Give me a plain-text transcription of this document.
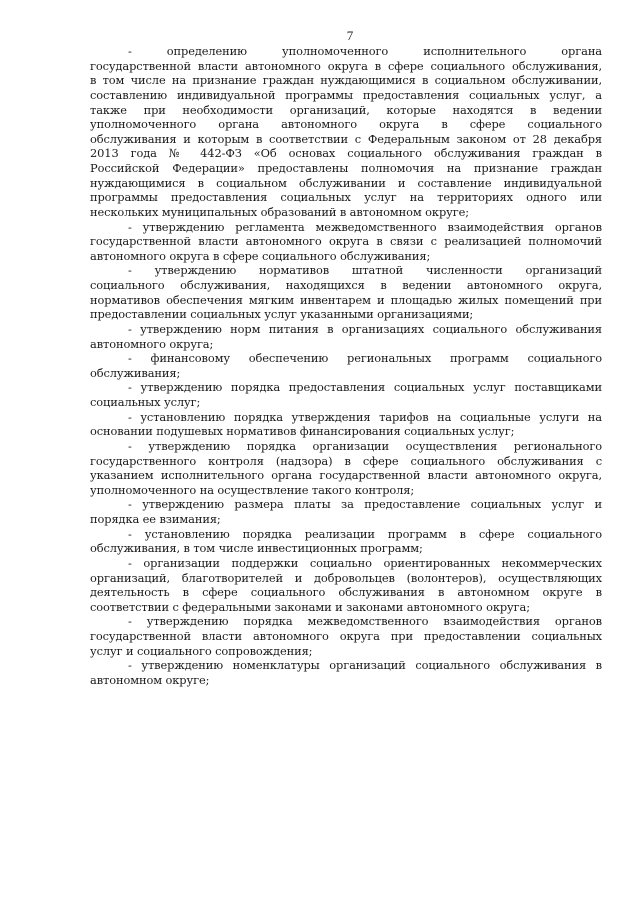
7
- определению уполномоченного исполнительного органа
государственной власти автономного округа в сфере социального обслуживания,
в том числе на признание граждан нуждающимися в социальном обслуживании,
составлению индивидуальной программы предоставления социальных услуг, а
также при необходимости организаций, которые находятся в ведении
уполномоченного органа автономного округа в сфере социального
обслуживания и которым в соответствии с Федеральным законом от 28 декабря
2013 года № 442-ФЗ «Об основах социального обслуживания граждан в
Российской Федерации» предоставлены полномочия на признание граждан
нуждающимися в социальном обслуживании и составление индивидуальной
программы предоставления социальных услуг на территориях одного или
нескольких муниципальных образований в автономном округе;
- утверждению регламента межведомственного взаимодействия органов
государственной власти автономного округа в связи с реализацией полномочий
автономного округа в сфере социального обслуживания;
- утверждению нормативов штатной численности организаций
социального обслуживания, находящихся в ведении автономного округа,
нормативов обеспечения мягким инвентарем и площадью жилых помещений при
предоставлении социальных услуг указанными организациями;
- утверждению норм питания в организациях социального обслуживания
автономного округа;
- финансовому обеспечению региональных программ социального
обслуживания;
- утверждению порядка предоставления социальных услуг поставщиками
социальных услуг;
- установлению порядка утверждения тарифов на социальные услуги на
основании подушевых нормативов финансирования социальных услуг;
- утверждению порядка организации осуществления регионального
государственного контроля (надзора) в сфере социального обслуживания с
указанием исполнительного органа государственной власти автономного округа,
уполномоченного на осуществление такого контроля;
- утверждению размера платы за предоставление социальных услуг и
порядка ее взимания;
- установлению порядка реализации программ в сфере социального
обслуживания, в том числе инвестиционных программ;
- организации поддержки социально ориентированных некоммерческих
организаций, благотворителей и добровольцев (волонтеров), осуществляющих
деятельность в сфере социального обслуживания в автономном округе в
соответствии с федеральными законами и законами автономного округа;
- утверждению порядка межведомственного взаимодействия органов
государственной власти автономного округа при предоставлении социальных
услуг и социального сопровождения;
- утверждению номенклатуры организаций социального обслуживания в
автономном округе;
